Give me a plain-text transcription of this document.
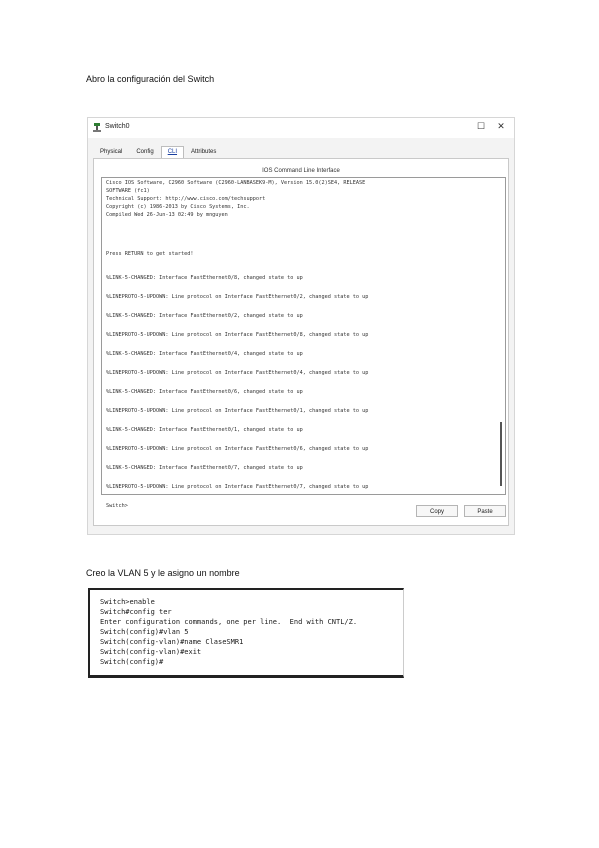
Abro la configuración del Switch
Switch0	☐	✕
Physical	Config	CLI	Attributes
IOS Command Line Interface
Cisco IOS Software, C2960 Software (C2960-LANBASEK9-M), Version 15.0(2)SE4, RELEASE
SOFTWARE (fc1)
Technical Support: http://www.cisco.com/techsupport
Copyright (c) 1986-2013 by Cisco Systems, Inc.
Compiled Wed 26-Jun-13 02:49 by mnguyen
Press RETURN to get started!
%LINK-5-CHANGED: Interface FastEthernet0/8, changed state to up
%LINEPROTO-5-UPDOWN: Line protocol on Interface FastEthernet0/2, changed state to up
%LINK-5-CHANGED: Interface FastEthernet0/2, changed state to up
%LINEPROTO-5-UPDOWN: Line protocol on Interface FastEthernet0/8, changed state to up
%LINK-5-CHANGED: Interface FastEthernet0/4, changed state to up
%LINEPROTO-5-UPDOWN: Line protocol on Interface FastEthernet0/4, changed state to up
%LINK-5-CHANGED: Interface FastEthernet0/6, changed state to up
%LINEPROTO-5-UPDOWN: Line protocol on Interface FastEthernet0/1, changed state to up
%LINK-5-CHANGED: Interface FastEthernet0/1, changed state to up
%LINEPROTO-5-UPDOWN: Line protocol on Interface FastEthernet0/6, changed state to up
%LINK-5-CHANGED: Interface FastEthernet0/7, changed state to up
%LINEPROTO-5-UPDOWN: Line protocol on Interface FastEthernet0/7, changed state to up
Switch>
Copy	Paste
Creo la VLAN 5 y le asigno un nombre
Switch>enable
Switch#config ter
Enter configuration commands, one per line.  End with CNTL/Z.
Switch(config)#vlan 5
Switch(config-vlan)#name ClaseSMR1
Switch(config-vlan)#exit
Switch(config)#
